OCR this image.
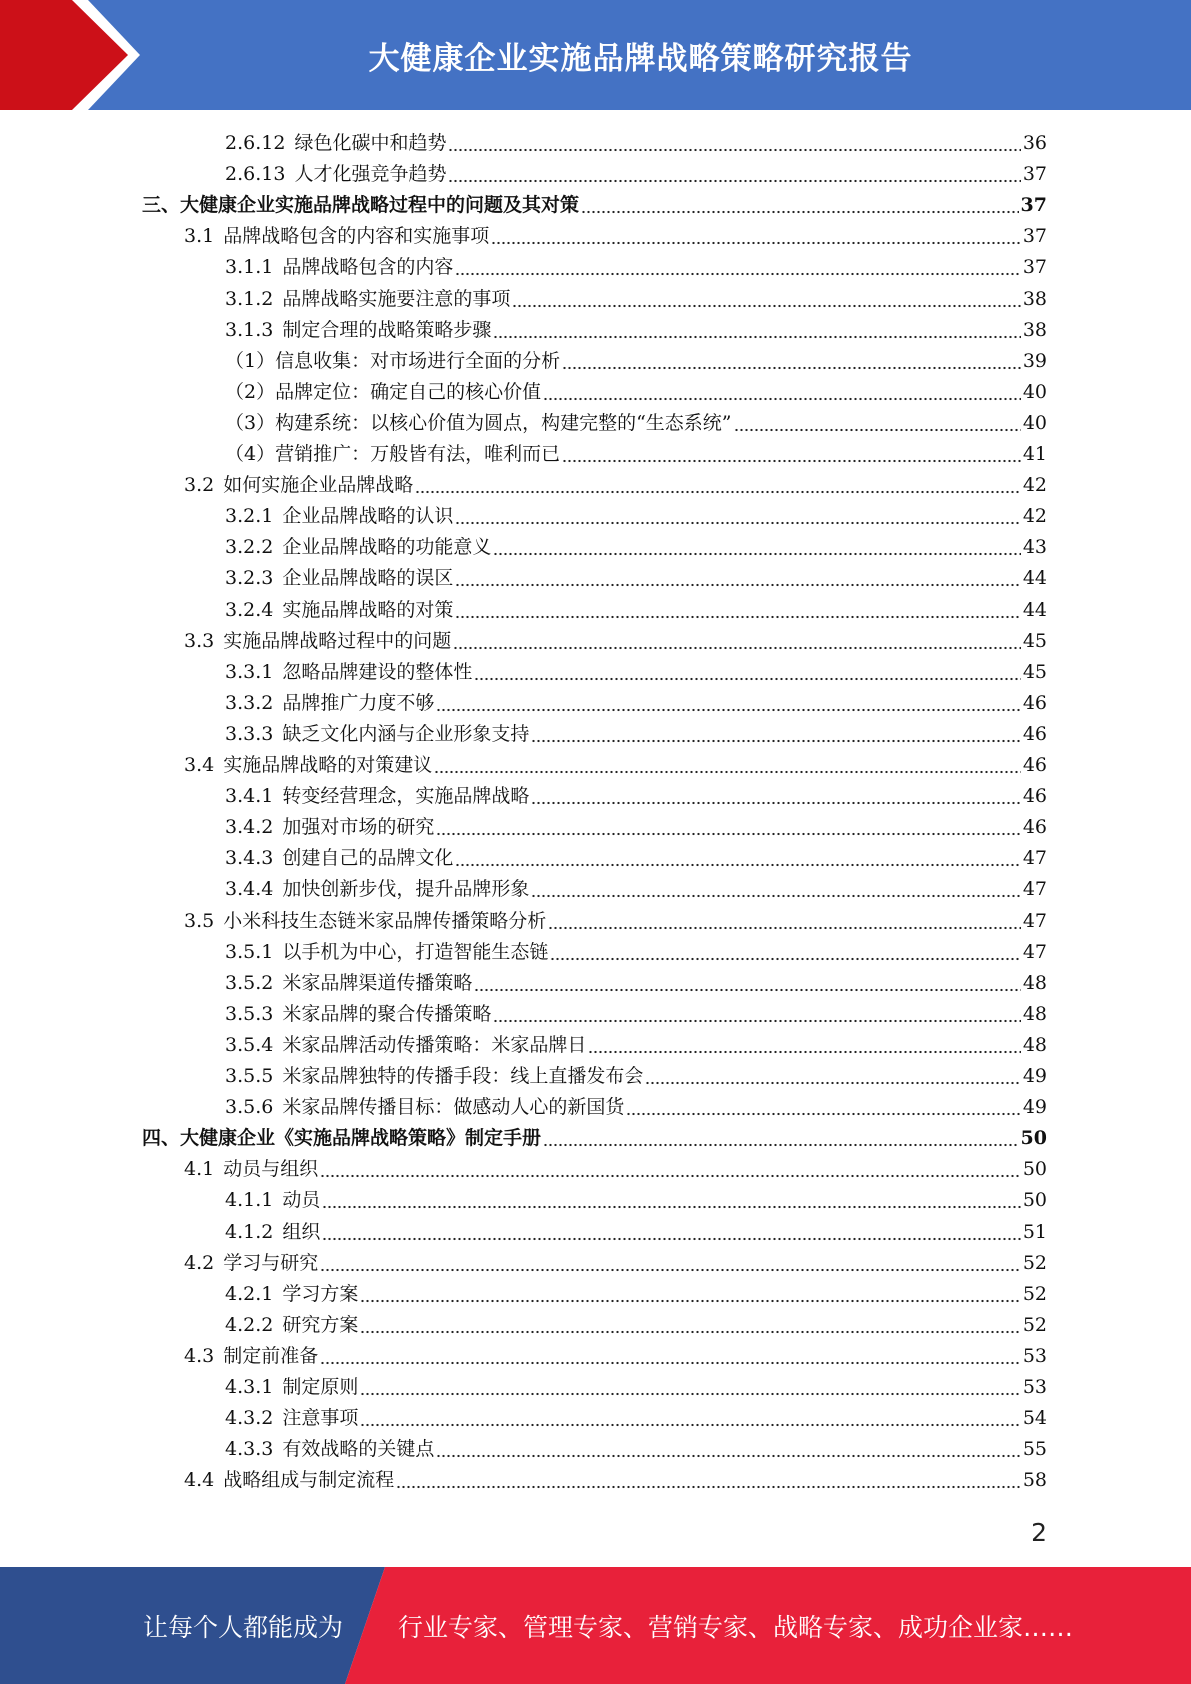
大健康企业实施品牌战略策略研究报告
2.6.12 绿色化碳中和趋势	36
2.6.13 人才化强竞争趋势	37
三、大健康企业实施品牌战略过程中的问题及其对策	37
3.1 品牌战略包含的内容和实施事项	37
3.1.1 品牌战略包含的内容	37
3.1.2 品牌战略实施要注意的事项	38
3.1.3 制定合理的战略策略步骤	38
（1）信息收集：对市场进行全面的分析	39
（2）品牌定位：确定自己的核心价值	40
（3）构建系统：以核心价值为圆点，构建完整的“生态系统”	40
（4）营销推广：万般皆有法，唯利而已	41
3.2 如何实施企业品牌战略	42
3.2.1 企业品牌战略的认识	42
3.2.2 企业品牌战略的功能意义	43
3.2.3 企业品牌战略的误区	44
3.2.4 实施品牌战略的对策	44
3.3 实施品牌战略过程中的问题	45
3.3.1 忽略品牌建设的整体性	45
3.3.2 品牌推广力度不够	46
3.3.3 缺乏文化内涵与企业形象支持	46
3.4 实施品牌战略的对策建议	46
3.4.1 转变经营理念，实施品牌战略	46
3.4.2 加强对市场的研究	46
3.4.3 创建自己的品牌文化	47
3.4.4 加快创新步伐，提升品牌形象	47
3.5 小米科技生态链米家品牌传播策略分析	47
3.5.1 以手机为中心，打造智能生态链	47
3.5.2 米家品牌渠道传播策略	48
3.5.3 米家品牌的聚合传播策略	48
3.5.4 米家品牌活动传播策略：米家品牌日	48
3.5.5 米家品牌独特的传播手段：线上直播发布会	49
3.5.6 米家品牌传播目标：做感动人心的新国货	49
四、大健康企业《实施品牌战略策略》制定手册	50
4.1 动员与组织	50
4.1.1 动员	50
4.1.2 组织	51
4.2 学习与研究	52
4.2.1 学习方案	52
4.2.2 研究方案	52
4.3 制定前准备	53
4.3.1 制定原则	53
4.3.2 注意事项	54
4.3.3 有效战略的关键点	55
4.4 战略组成与制定流程	58
2
让每个人都能成为 行业专家、管理专家、营销专家、战略专家、成功企业家……
